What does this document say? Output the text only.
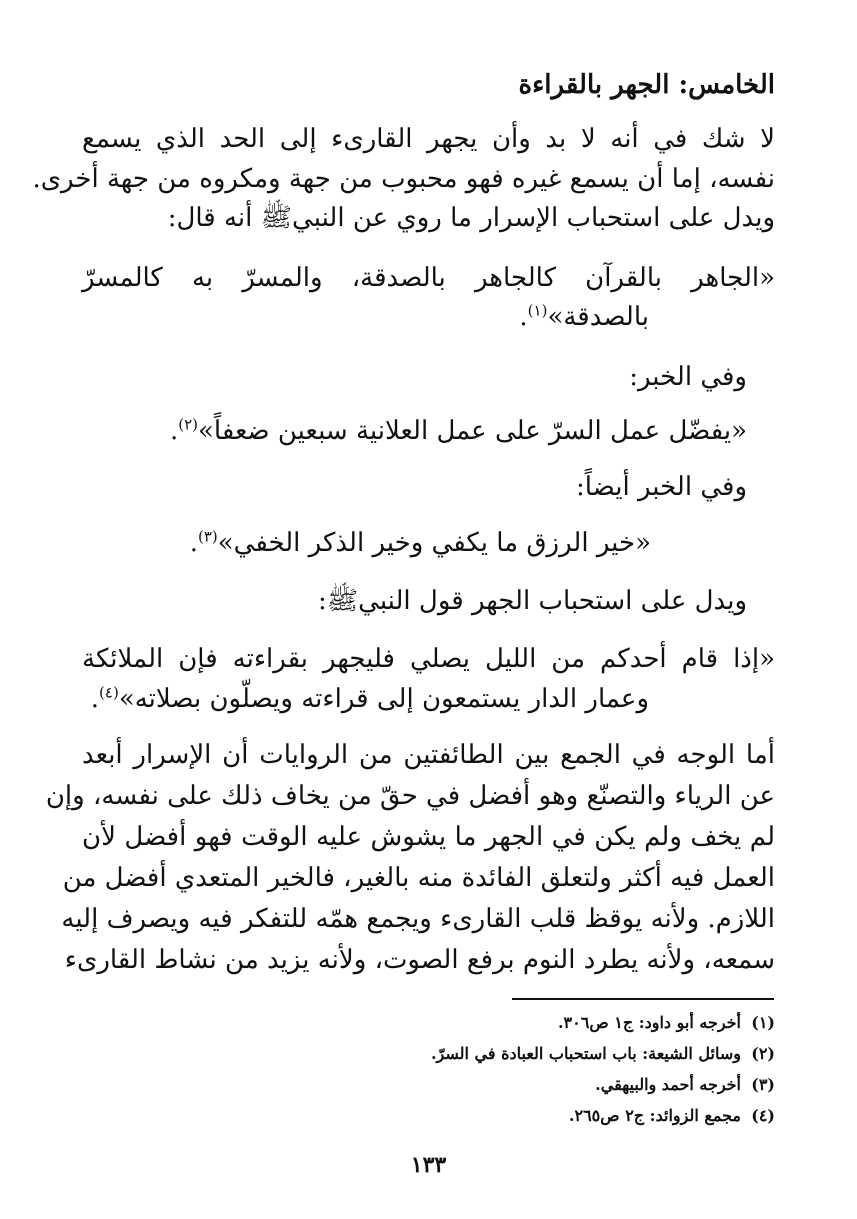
الخامس: الجهر بالقراءة
لا شك في أنه لا بد وأن يجهر القارىء إلى الحد الذي يسمع
نفسه، إما أن يسمع غيره فهو محبوب من جهة ومكروه من جهة أخرى.
ويدل على استحباب الإسرار ما روي عن النبيﷺ أنه قال:
«الجاهر بالقرآن كالجاهر بالصدقة، والمسرّ به كالمسرّ
بالصدقة»$^{(١)}$.
وفي الخبر:
«يفضّل عمل السرّ على عمل العلانية سبعين ضعفاً»$^{(٢)}$.
وفي الخبر أيضاً:
«خير الرزق ما يكفي وخير الذكر الخفي»$^{(٣)}$.
ويدل على استحباب الجهر قول النبيﷺ:
«إذا قام أحدكم من الليل يصلي فليجهر بقراءته فإن الملائكة
وعمار الدار يستمعون إلى قراءته ويصلّون بصلاته»$^{(٤)}$.
أما الوجه في الجمع بين الطائفتين من الروايات أن الإسرار أبعد
عن الرياء والتصنّع وهو أفضل في حقّ من يخاف ذلك على نفسه، وإن
لم يخف ولم يكن في الجهر ما يشوش عليه الوقت فهو أفضل لأن
العمل فيه أكثر ولتعلق الفائدة منه بالغير، فالخير المتعدي أفضل من
اللازم. ولأنه يوقظ قلب القارىء ويجمع همّه للتفكر فيه ويصرف إليه
سمعه، ولأنه يطرد النوم برفع الصوت، ولأنه يزيد من نشاط القارىء
(١)أخرجه أبو داود: ج١ ص٣٠٦.
(٢)وسائل الشيعة: باب استحباب العبادة في السرّ.
(٣)أخرجه أحمد والبيهقي.
(٤)مجمع الزوائد: ج٢ ص٢٦٥.
١٣٣
